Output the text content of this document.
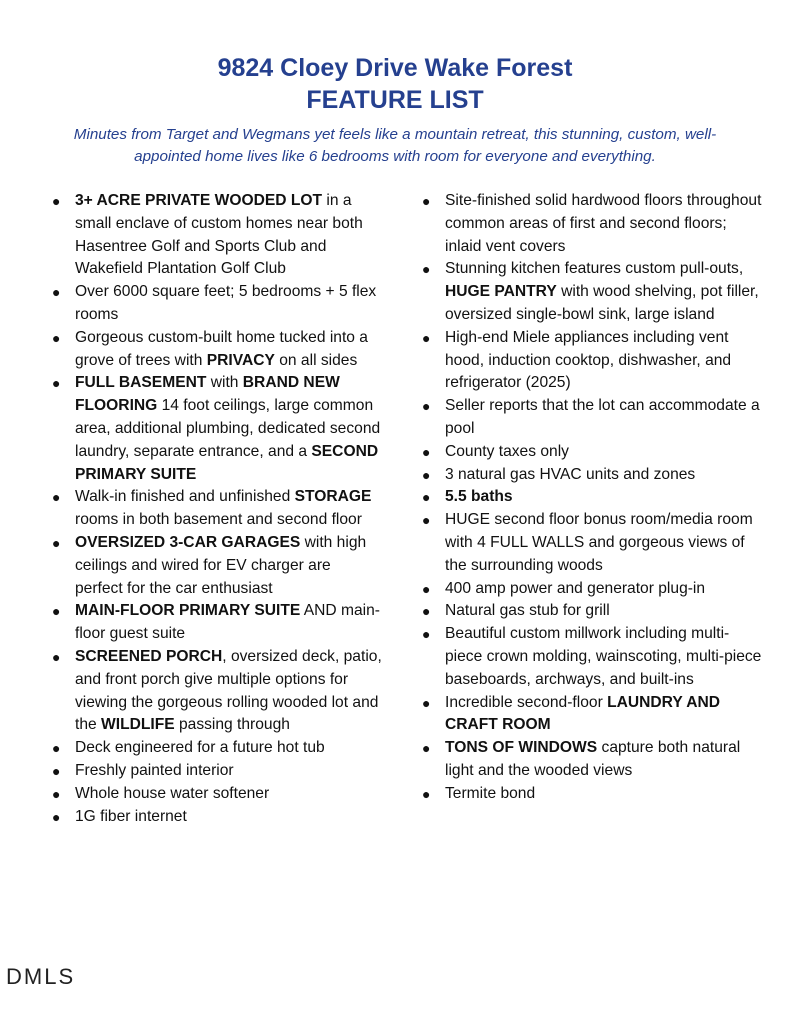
9824 Cloey Drive Wake Forest
FEATURE LIST
Minutes from Target and Wegmans yet feels like a mountain retreat, this stunning, custom, well-appointed home lives like 6 bedrooms with room for everyone and everything.
● 3+ ACRE PRIVATE WOODED LOT in a small enclave of custom homes near both Hasentree Golf and Sports Club and Wakefield Plantation Golf Club
● Over 6000 square feet; 5 bedrooms + 5 flex rooms
● Gorgeous custom-built home tucked into a grove of trees with PRIVACY on all sides
● FULL BASEMENT with BRAND NEW FLOORING 14 foot ceilings, large common area, additional plumbing, dedicated second laundry, separate entrance, and a SECOND PRIMARY SUITE
● Walk-in finished and unfinished STORAGE rooms in both basement and second floor
● OVERSIZED 3-CAR GARAGES with high ceilings and wired for EV charger are perfect for the car enthusiast
● MAIN-FLOOR PRIMARY SUITE AND main-floor guest suite
● SCREENED PORCH, oversized deck, patio, and front porch give multiple options for viewing the gorgeous rolling wooded lot and the WILDLIFE passing through
● Deck engineered for a future hot tub
● Freshly painted interior
● Whole house water softener
● 1G fiber internet
● Site-finished solid hardwood floors throughout common areas of first and second floors; inlaid vent covers
● Stunning kitchen features custom pull-outs, HUGE PANTRY with wood shelving, pot filler, oversized single-bowl sink, large island
● High-end Miele appliances including vent hood, induction cooktop, dishwasher, and refrigerator (2025)
● Seller reports that the lot can accommodate a pool
● County taxes only
● 3 natural gas HVAC units and zones
● 5.5 baths
● HUGE second floor bonus room/media room with 4 FULL WALLS and gorgeous views of the surrounding woods
● 400 amp power and generator plug-in
● Natural gas stub for grill
● Beautiful custom millwork including multi-piece crown molding, wainscoting, multi-piece baseboards, archways, and built-ins
● Incredible second-floor LAUNDRY AND CRAFT ROOM
● TONS OF WINDOWS capture both natural light and the wooded views
● Termite bond
DMLS
